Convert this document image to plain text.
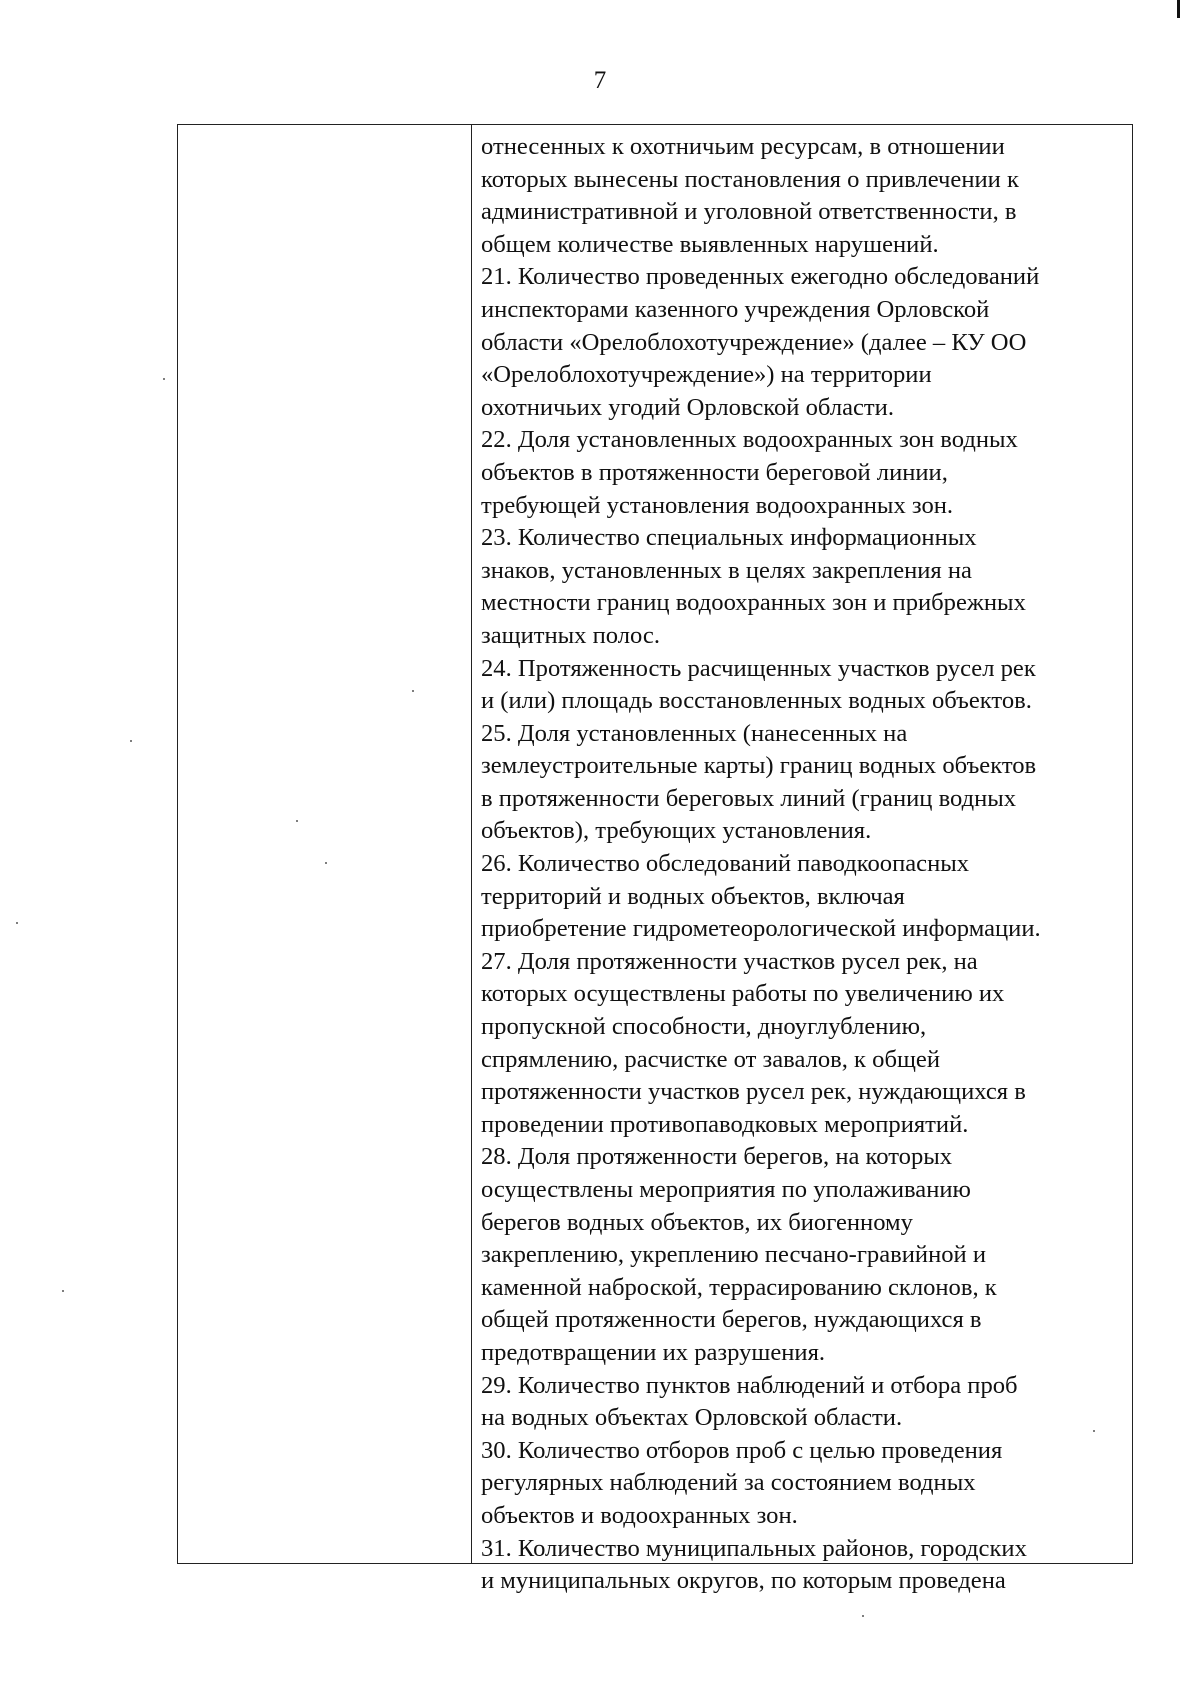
7
отнесенных к охотничьим ресурсам, в отношении
которых вынесены постановления о привлечении к
административной и уголовной ответственности, в
общем количестве выявленных нарушений.
21. Количество проведенных ежегодно обследований
инспекторами казенного учреждения Орловской
области «Орелоблохотучреждение» (далее – КУ ОО
«Орелоблохотучреждение») на территории
охотничьих угодий Орловской области.
22. Доля установленных водоохранных зон водных
объектов в протяженности береговой линии,
требующей установления водоохранных зон.
23. Количество специальных информационных
знаков, установленных в целях закрепления на
местности границ водоохранных зон и прибрежных
защитных полос.
24. Протяженность расчищенных участков русел рек
и (или) площадь восстановленных водных объектов.
25. Доля установленных (нанесенных на
землеустроительные карты) границ водных объектов
в протяженности береговых линий (границ водных
объектов), требующих установления.
26. Количество обследований паводкоопасных
территорий и водных объектов, включая
приобретение гидрометеорологической информации.
27. Доля протяженности участков русел рек, на
которых осуществлены работы по увеличению их
пропускной способности, дноуглублению,
спрямлению, расчистке от завалов, к общей
протяженности участков русел рек, нуждающихся в
проведении противопаводковых мероприятий.
28. Доля протяженности берегов, на которых
осуществлены мероприятия по уполаживанию
берегов водных объектов, их биогенному
закреплению, укреплению песчано-гравийной и
каменной наброской, террасированию склонов, к
общей протяженности берегов, нуждающихся в
предотвращении их разрушения.
29. Количество пунктов наблюдений и отбора проб
на водных объектах Орловской области.
30. Количество отборов проб с целью проведения
регулярных наблюдений за состоянием водных
объектов и водоохранных зон.
31. Количество муниципальных районов, городских
и муниципальных округов, по которым проведена
